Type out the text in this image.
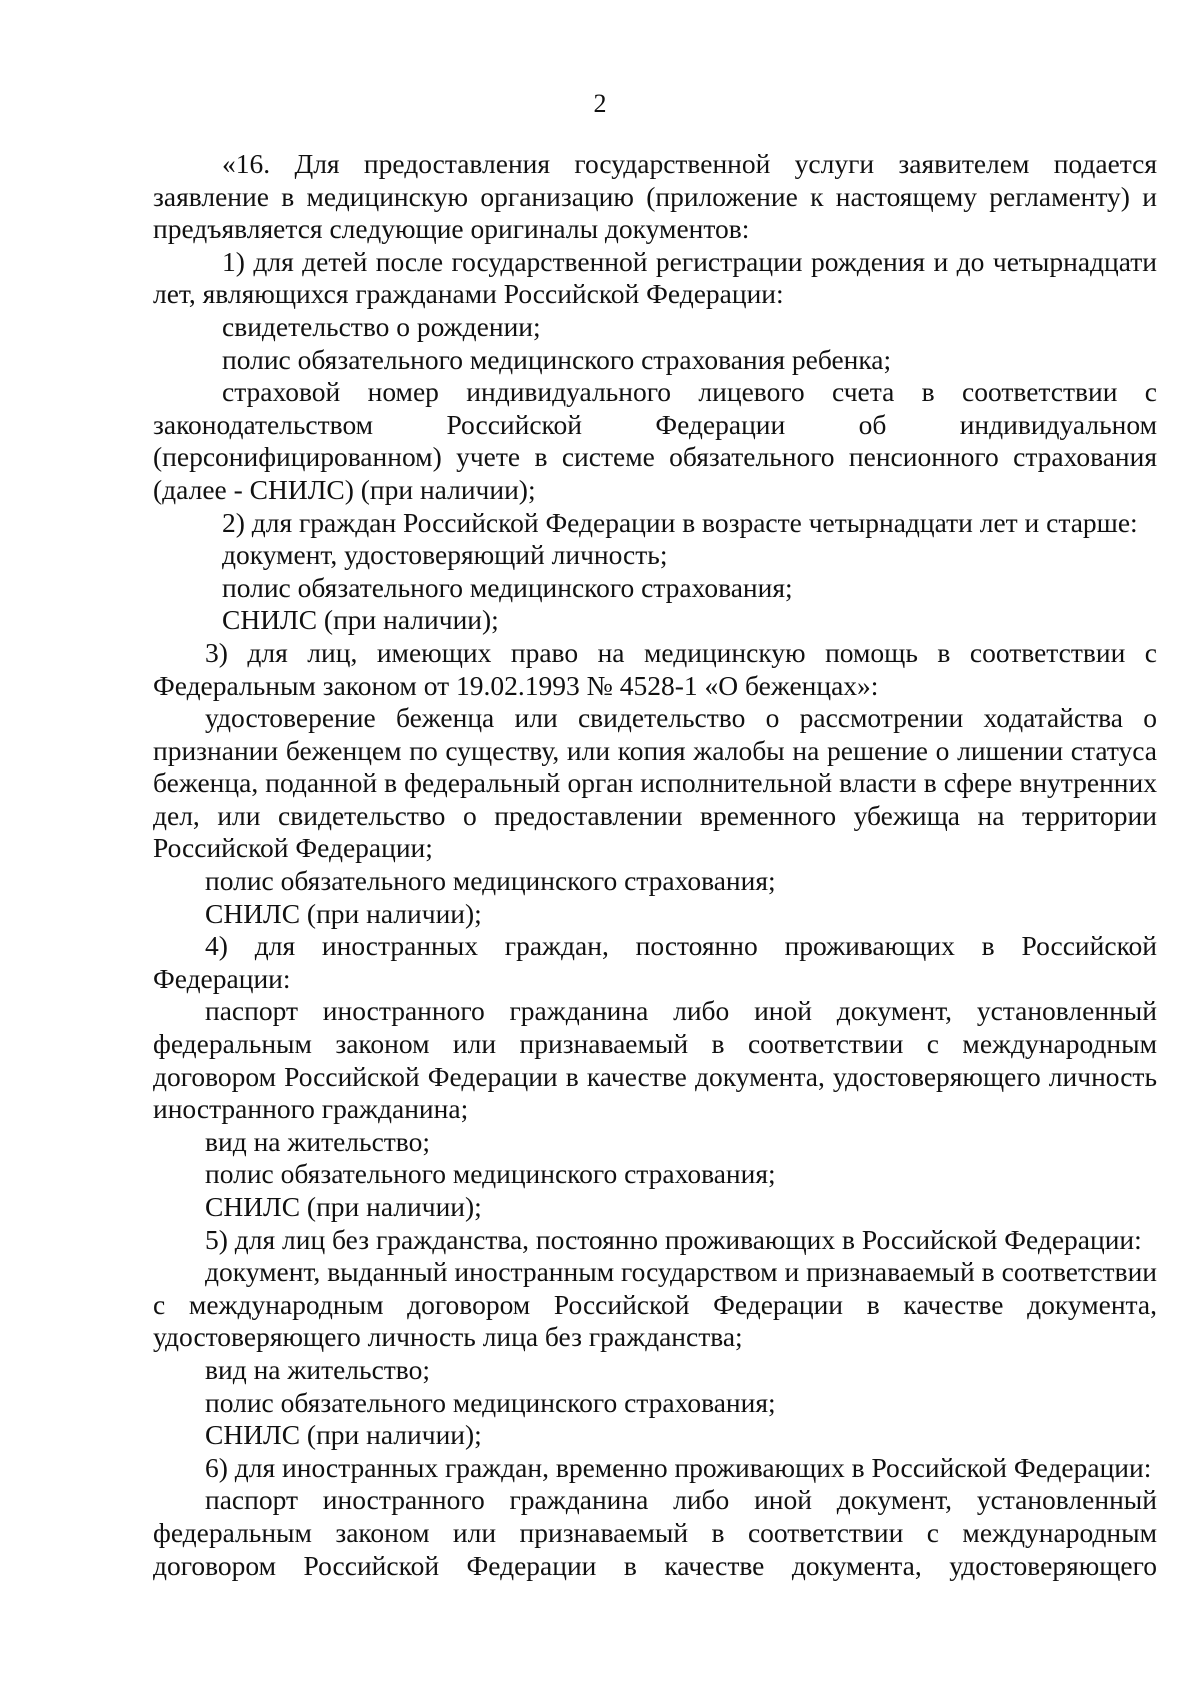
2

«16. Для предоставления государственной услуги заявителем подается заявление в медицинскую организацию (приложение к настоящему регламенту) и предъявляется следующие оригиналы документов:

1) для детей после государственной регистрации рождения и до четырнадцати лет, являющихся гражданами Российской Федерации:

свидетельство о рождении;

полис обязательного медицинского страхования ребенка;

страховой номер индивидуального лицевого счета в соответствии с законодательством Российской Федерации об индивидуальном (персонифицированном) учете в системе обязательного пенсионного страхования (далее - СНИЛС) (при наличии);

2) для граждан Российской Федерации в возрасте четырнадцати лет и старше:

документ, удостоверяющий личность;

полис обязательного медицинского страхования;

СНИЛС (при наличии);

3) для лиц, имеющих право на медицинскую помощь в соответствии с Федеральным законом от 19.02.1993 № 4528-1 «О беженцах»:

удостоверение беженца или свидетельство о рассмотрении ходатайства о признании беженцем по существу, или копия жалобы на решение о лишении статуса беженца, поданной в федеральный орган исполнительной власти в сфере внутренних дел, или свидетельство о предоставлении временного убежища на территории Российской Федерации;

полис обязательного медицинского страхования;

СНИЛС (при наличии);

4) для иностранных граждан, постоянно проживающих в Российской Федерации:

паспорт иностранного гражданина либо иной документ, установленный федеральным законом или признаваемый в соответствии с международным договором Российской Федерации в качестве документа, удостоверяющего личность иностранного гражданина;

вид на жительство;

полис обязательного медицинского страхования;

СНИЛС (при наличии);

5) для лиц без гражданства, постоянно проживающих в Российской Федерации:

документ, выданный иностранным государством и признаваемый в соответствии с международным договором Российской Федерации в качестве документа, удостоверяющего личность лица без гражданства;

вид на жительство;

полис обязательного медицинского страхования;

СНИЛС (при наличии);

6) для иностранных граждан, временно проживающих в Российской Федерации:

паспорт иностранного гражданина либо иной документ, установленный федеральным законом или признаваемый в соответствии с международным договором Российской Федерации в качестве документа, удостоверяющего
